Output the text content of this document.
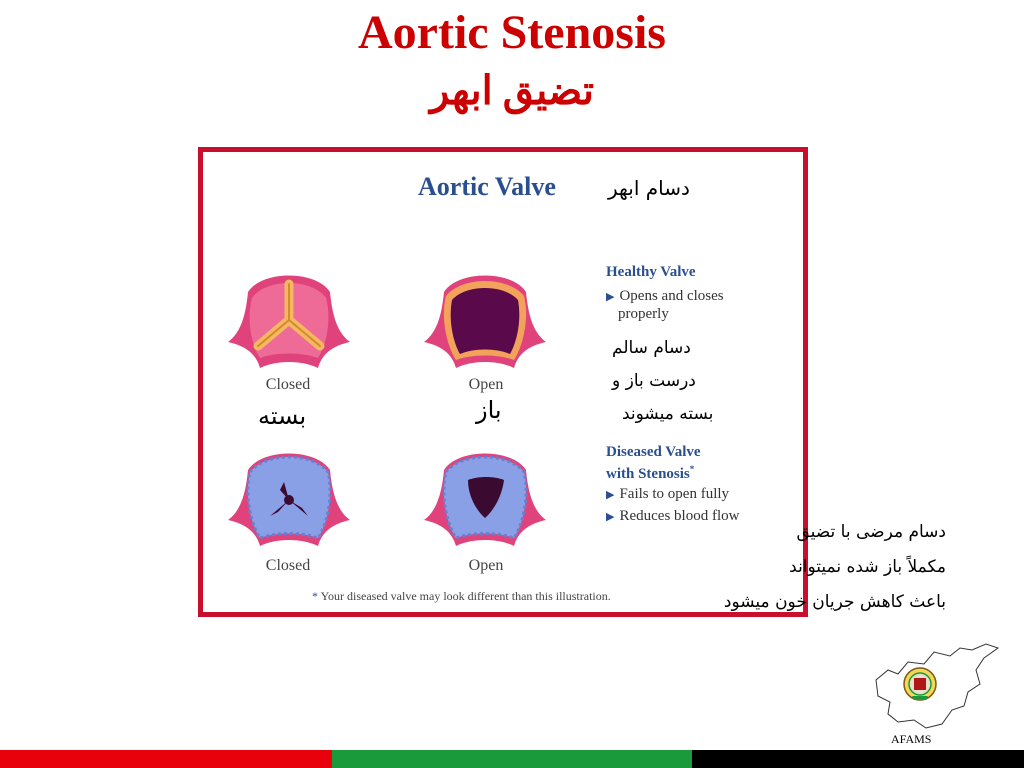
Aortic Stenosis
تضیق ابهر
Aortic Valve	دسام ابهر
Closed	Open
Closed	Open
بسته	باز
Healthy Valve
▶ Opens and closes
properly
دسام سالم
درست باز و
بسته میشوند
Diseased Valve
with Stenosis*
▶ Fails to open fully
▶ Reduces blood flow
* Your diseased valve may look different than this illustration.
دسام مرضی با تضیق
مکملاً باز شده نمیتواند
باعث کاهش جریان خون میشود
AFAMS
